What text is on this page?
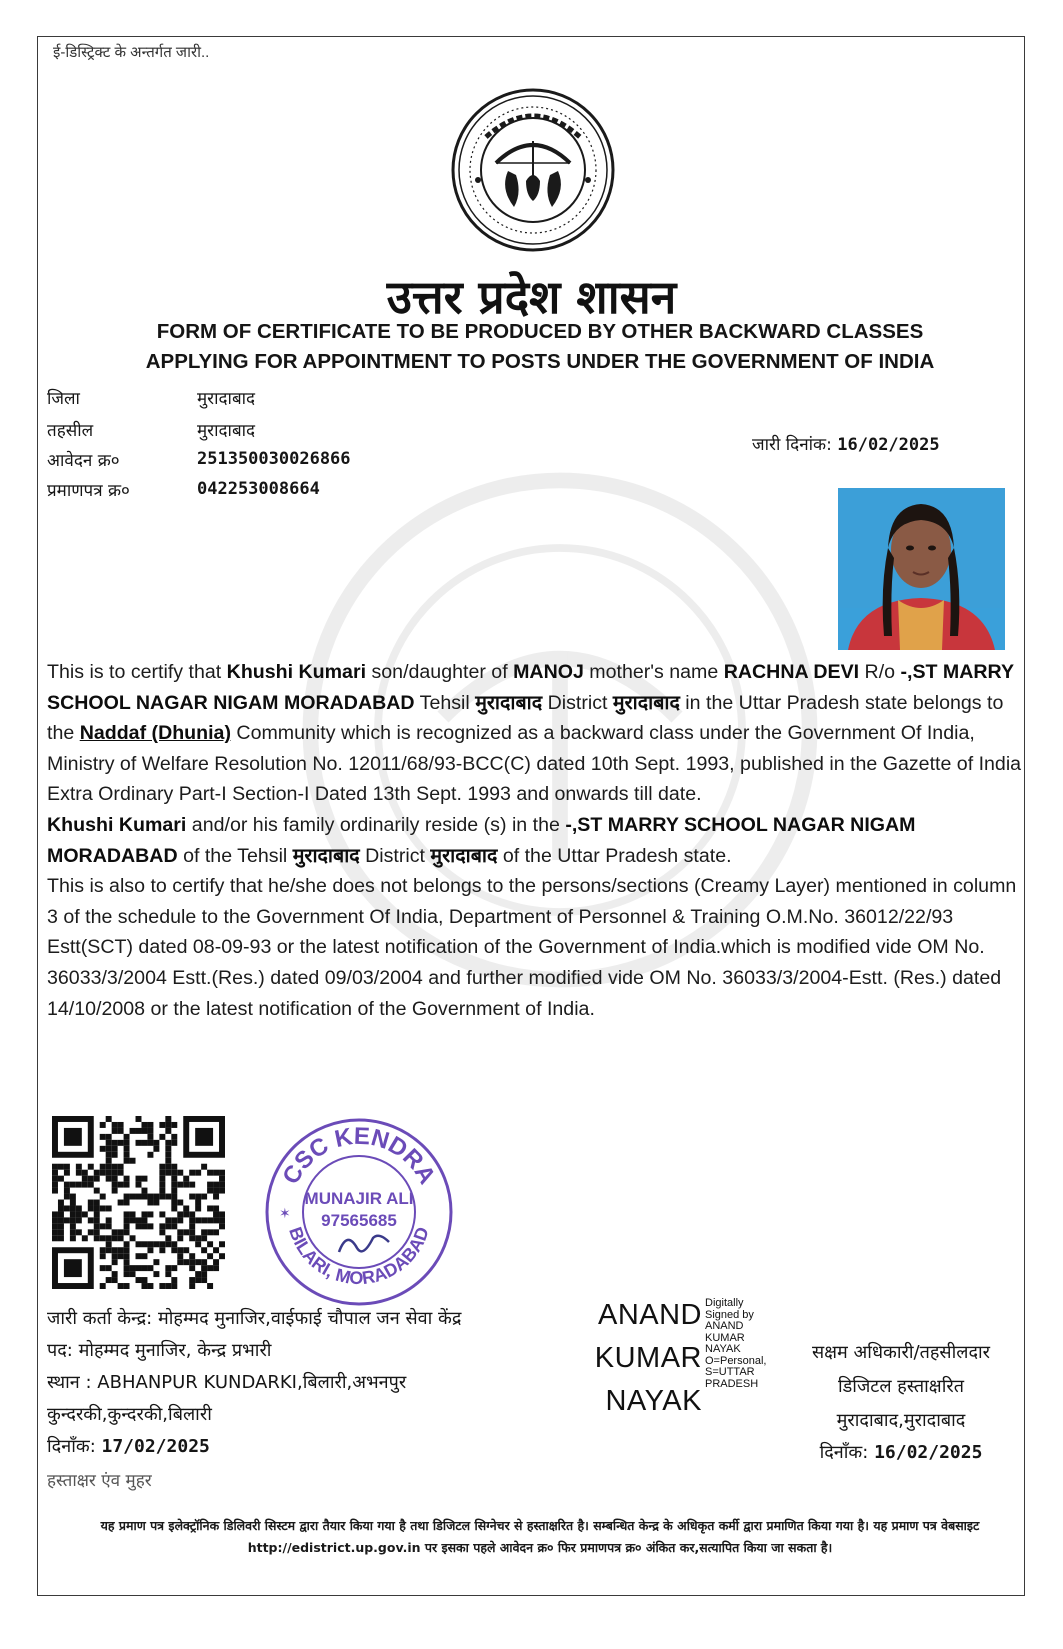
ई-डिस्ट्रिक्ट के अन्तर्गत जारी..
उत्तर प्रदेश शासन
FORM OF CERTIFICATE TO BE PRODUCED BY OTHER BACKWARD CLASSES
APPLYING FOR APPOINTMENT TO POSTS UNDER THE GOVERNMENT OF INDIA
जिला	मुरादाबाद
तहसील	मुरादाबाद
आवेदन क्र०	251350030026866
प्रमाणपत्र क्र०	042253008664
जारी दिनांक: 16/02/2025

This is to certify that Khushi Kumari son/daughter of MANOJ mother's name RACHNA DEVI R/o -,ST MARRY SCHOOL NAGAR NIGAM MORADABAD Tehsil मुरादाबाद District मुरादाबाद in the Uttar Pradesh state belongs to the Naddaf (Dhunia) Community which is recognized as a backward class under the Government Of India, Ministry of Welfare Resolution No. 12011/68/93-BCC(C) dated 10th Sept. 1993, published in the Gazette of India Extra Ordinary Part-I Section-I Dated 13th Sept. 1993 and onwards till date.

Khushi Kumari and/or his family ordinarily reside (s) in the -,ST MARRY SCHOOL NAGAR NIGAM MORADABAD of the Tehsil मुरादाबाद District मुरादाबाद of the Uttar Pradesh state.

This is also to certify that he/she does not belongs to the persons/sections (Creamy Layer) mentioned in column 3 of the schedule to the Government Of India, Department of Personnel & Training O.M.No. 36012/22/93 Estt(SCT) dated 08-09-93 or the latest notification of the Government of India.which is modified vide OM No. 36033/3/2004 Estt.(Res.) dated 09/03/2004 and further modified vide OM No. 36033/3/2004-Estt. (Res.) dated 14/10/2008 or the latest notification of the Government of India.

CSC KENDRA
BILARI, MORADABAD
MUNAJIR ALI
97565685
✶
जारी कर्ता केन्द्र: मोहम्मद मुनाजिर,वाईफाई चौपाल जन सेवा केंद्र
पद: मोहम्मद मुनाजिर, केन्द्र प्रभारी
स्थान : ABHANPUR KUNDARKI,बिलारी,अभनपुर
कुन्दरकी,कुन्दरकी,बिलारी
दिनाँक: 17/02/2025
हस्ताक्षर एंव मुहर
ANAND
KUMAR
NAYAK
Digitally
Signed by
ANAND
KUMAR
NAYAK
O=Personal,
S=UTTAR
PRADESH
सक्षम अधिकारी/तहसीलदार
डिजिटल हस्ताक्षरित
मुरादाबाद,मुरादाबाद
दिनाँक: 16/02/2025
यह प्रमाण पत्र इलेक्ट्रॉनिक डिलिवरी सिस्टम द्वारा तैयार किया गया है तथा डिजिटल सिग्नेचर से हस्ताक्षरित है। सम्बन्धित केन्द्र के अधिकृत कर्मी द्वारा प्रमाणित किया गया है। यह प्रमाण पत्र वेबसाइट http://edistrict.up.gov.in पर इसका पहले आवेदन क्र० फिर प्रमाणपत्र क्र० अंकित कर,सत्यापित किया जा सकता है।
